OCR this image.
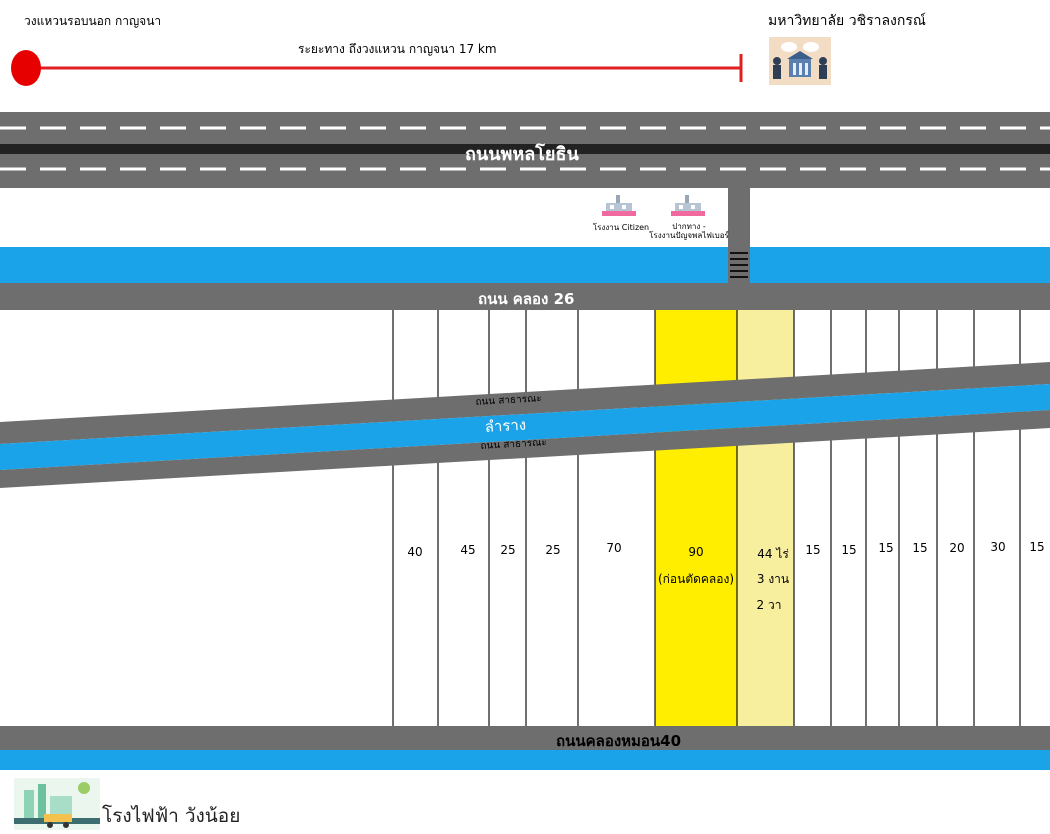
วงแหวนรอบนอก กาญจนา
ระยะทาง ถึงวงแหวน กาญจนา 17 km
มหาวิทยาลัย วชิราลงกรณ์
ถนนพหลโยธิน
ถนน คลอง 26
ถนน สาธารณะ
ลำราง
ถนน สาธารณะ
ถนนคลองหมอน40
โรงงาน Citizen	ปากทาง -
โรงงานปัญจพลไฟเบอร์
40	45 25 25	70	90
(ก่อนตัดคลอง)
44 ไร่
3 งาน
2 วา
15 15 15 15 20 30 15
โรงไฟฟ้า วังน้อย
